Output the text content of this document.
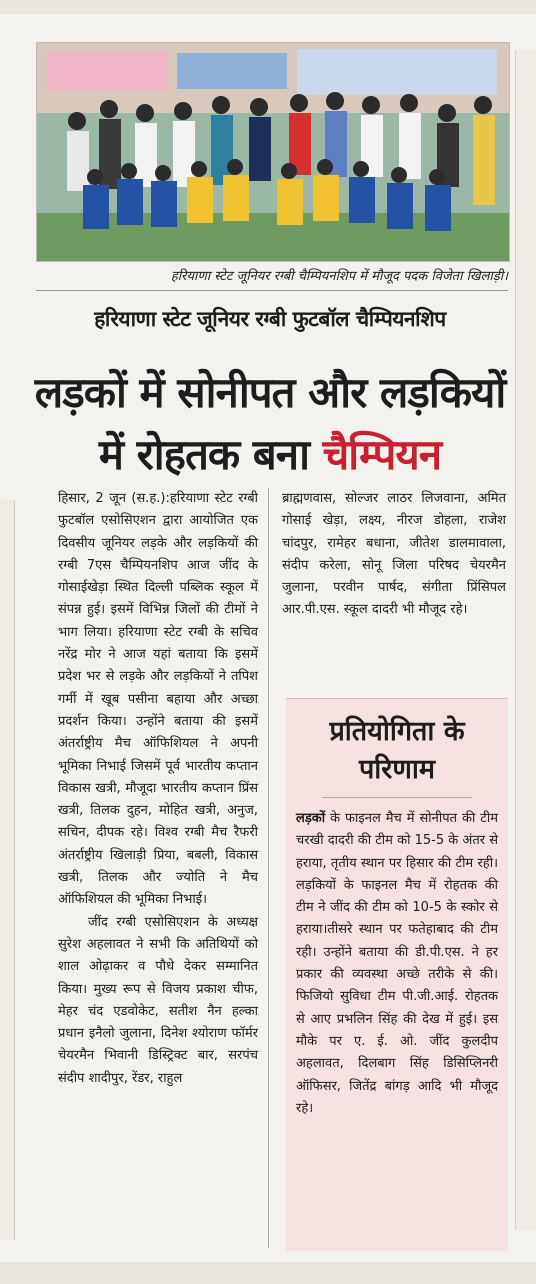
हरियाणा स्टेट जूनियर रग्बी चैम्पियनशिप में मौजूद पदक विजेता खिलाड़ी।
हरियाणा स्टेट जूनियर रग्बी फुटबॉल चैम्पियनशिप
लड़कों में सोनीपत और लड़कियों
में रोहतक बना चैम्पियन

हिसार, 2 जून (स.ह.):हरियाणा स्टेट रग्बी फुटबॉल एसोसिएशन द्वारा आयोजित एक दिवसीय जूनियर लड़के और लड़कियों की रग्बी 7एस चैम्पियनशिप आज जींद के गोसाईखेड़ा स्थित दिल्ली पब्लिक स्कूल में संपन्न हुई। इसमें विभिन्न जिलों की टीमों ने भाग लिया। हरियाणा स्टेट रग्बी के सचिव नरेंद्र मोर ने आज यहां बताया कि इसमें प्रदेश भर से लड़के और लड़कियों ने तपिश गर्मी में खूब पसीना बहाया और अच्छा प्रदर्शन किया। उन्होंने बताया की इसमें अंतर्राष्ट्रीय मैच ऑफिशियल ने अपनी भूमिका निभाई जिसमें पूर्व भारतीय कप्तान विकास खत्री, मौजूदा भारतीय कप्तान प्रिंस खत्री, तिलक दुहन, मोहित खत्री, अनुज, सचिन, दीपक रहे। विश्व रग्बी मैच रैफरी अंतर्राष्ट्रीय खिलाड़ी प्रिया, बबली, विकास खत्री, तिलक और ज्योति ने मैच ऑफिशियल की भूमिका निभाई।

जींद रग्बी एसोसिएशन के अध्यक्ष सुरेश अहलावत ने सभी कि अतिथियों को शाल ओढ़ाकर व पौधे देकर सम्मानित किया। मुख्य रूप से विजय प्रकाश चीफ, मेहर चंद एडवोकेट, सतीश नैन हल्का प्रधान इनैलो जुलाना, दिनेश श्योराण फॉर्मर चेयरमैन भिवानी डिस्ट्रिक्ट बार, सरपंच संदीप शादीपुर, रेंडर, राहुल

ब्राह्मणवास, सोल्जर लाठर लिजवाना, अमित गोसाई खेड़ा, लक्ष्य, नीरज डोहला, राजेश चांदपुर, रामेहर बधाना, जीतेश डालमावाला, संदीप करेला, सोनू जिला परिषद चेयरमैन जुलाना, परवीन पार्षद, संगीता प्रिंसिपल आर.पी.एस. स्कूल दादरी भी मौजूद रहे।

प्रतियोगिता के
परिणाम

लड़कों के फाइनल मैच में सोनीपत की टीम चरखी दादरी की टीम को 15-5 के अंतर से हराया, तृतीय स्थान पर हिसार की टीम रही। लड़कियों के फाइनल मैच में रोहतक की टीम ने जींद की टीम को 10-5 के स्कोर से हराया।तीसरे स्थान पर फतेहाबाद की टीम रही। उन्होंने बताया की डी.पी.एस. ने हर प्रकार की व्यवस्था अच्छे तरीके से की। फिजियो सुविधा टीम पी.जी.आई. रोहतक से आए प्रभलिन सिंह की देख में हुई। इस मौके पर ए. ई. ओ. जींद कुलदीप अहलावत, दिलबाग सिंह डिसिप्लिनरी ऑफिसर, जितेंद्र बांगड़ आदि भी मौजूद रहे।
